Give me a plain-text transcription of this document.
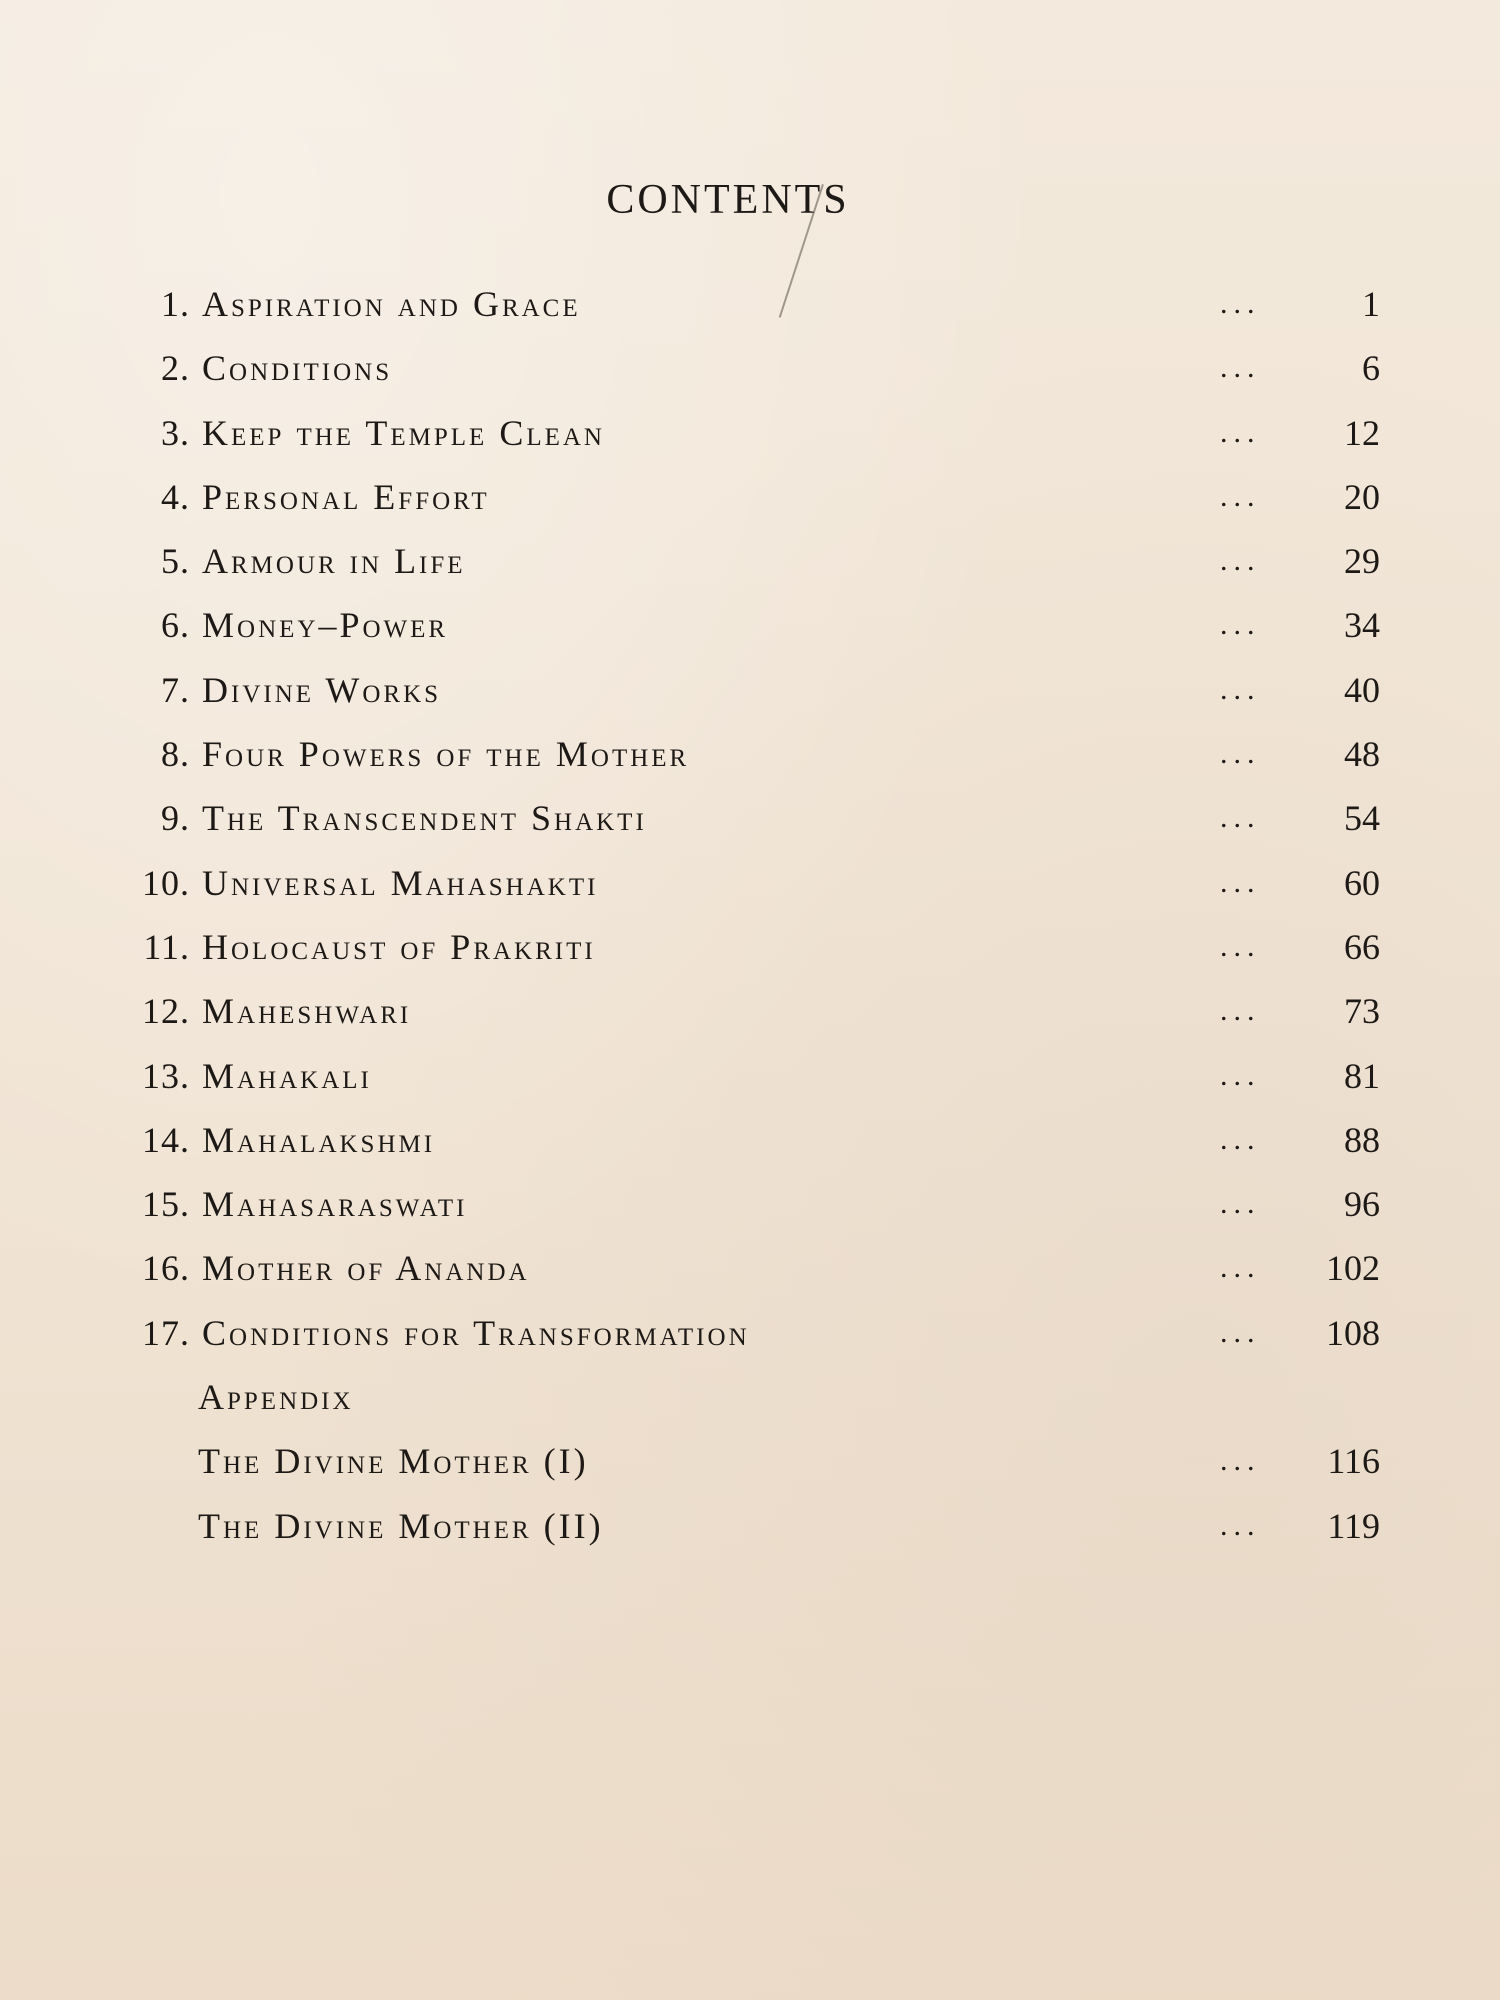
CONTENTS
1. Aspiration and Grace	...	1
2. Conditions	...	6
3. Keep the Temple Clean	...	12
4. Personal Effort	...	20
5. Armour in Life	...	29
6. Money–Power	...	34
7. Divine Works	...	40
8. Four Powers of the Mother	...	48
9. The Transcendent Shakti	...	54
10. Universal Mahashakti	...	60
11. Holocaust of Prakriti	...	66
12. Maheshwari	...	73
13. Mahakali	...	81
14. Mahalakshmi	...	88
15. Mahasaraswati	...	96
16. Mother of Ananda	...	102
17. Conditions for Transformation	...	108
Appendix
The Divine Mother (I)	...	116
The Divine Mother (II)	...	119
